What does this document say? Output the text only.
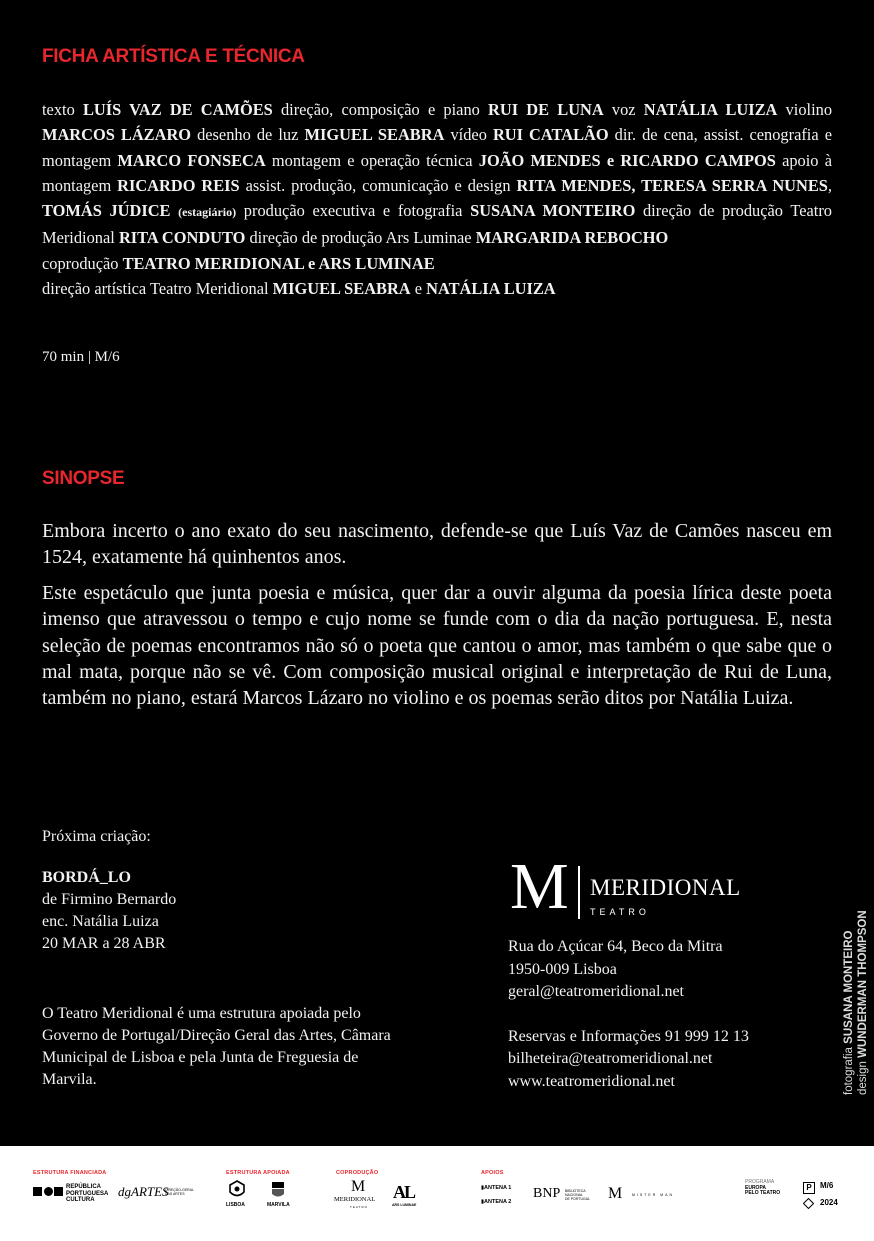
FICHA ARTÍSTICA E TÉCNICA
texto LUÍS VAZ DE CAMÕES direção, composição e piano RUI DE LUNA voz NATÁLIA LUIZA violino MARCOS LÁZARO desenho de luz MIGUEL SEABRA vídeo RUI CATALÃO dir. de cena, assist. cenografia e montagem MARCO FONSECA montagem e operação técnica JOÃO MENDES e RICARDO CAMPOS apoio à montagem RICARDO REIS assist. produção, comunicação e design RITA MENDES, TERESA SERRA NUNES, TOMÁS JÚDICE (estagiário) produção executiva e fotografia SUSANA MONTEIRO direção de produção Teatro Meridional RITA CONDUTO direção de produção Ars Luminae MARGARIDA REBOCHO
coprodução TEATRO MERIDIONAL e ARS LUMINAE
direção artística Teatro Meridional MIGUEL SEABRA e NATÁLIA LUIZA
70 min | M/6
SINOPSE

Embora incerto o ano exato do seu nascimento, defende-se que Luís Vaz de Camões nasceu em 1524, exatamente há quinhentos anos.

Este espetáculo que junta poesia e música, quer dar a ouvir alguma da poesia lírica deste poeta imenso que atravessou o tempo e cujo nome se funde com o dia da nação portuguesa. E, nesta seleção de poemas encontramos não só o poeta que cantou o amor, mas também o que sabe que o mal mata, porque não se vê. Com composição musical original e interpretação de Rui de Luna, também no piano, estará Marcos Lázaro no violino e os poemas serão ditos por Natália Luiza.

Próxima criação:
BORDÁ_LO
de Firmino Bernardo
enc. Natália Luiza
20 MAR a 28 ABR
O Teatro Meridional é uma estrutura apoiada pelo Governo de Portugal/Direção Geral das Artes, Câmara Municipal de Lisboa e pela Junta de Freguesia de Marvila.
M MERIDIONAL
TEATRO
Rua do Açúcar 64, Beco da Mitra
1950-009 Lisboa
geral@teatromeridional.net
Reservas e Informações 91 999 12 13
bilheteira@teatromeridional.net
www.teatromeridional.net	fotografia SUSANA MONTEIRO
design WUNDERMAN THOMPSON
ESTRUTURA FINANCIADA
REPÚBLICA
PORTUGUESA
CULTURA
dgARTES
DIREÇÃO-GERAL DAS ARTES
ESTRUTURA APOIADA
LISBOA	MARVILA
COPRODUÇÃO
M
MERIDIONAL
TEATRO
AL
ARS LUMINAE
APOIOS
▮ANTENA 1
▮ANTENA 2
BNP BIBLIOTECA
NACIONAL
DE PORTUGAL M	MISTER MAN
PROGRAMA
EUROPA
PELO TEATRO
P	M/6
2024
